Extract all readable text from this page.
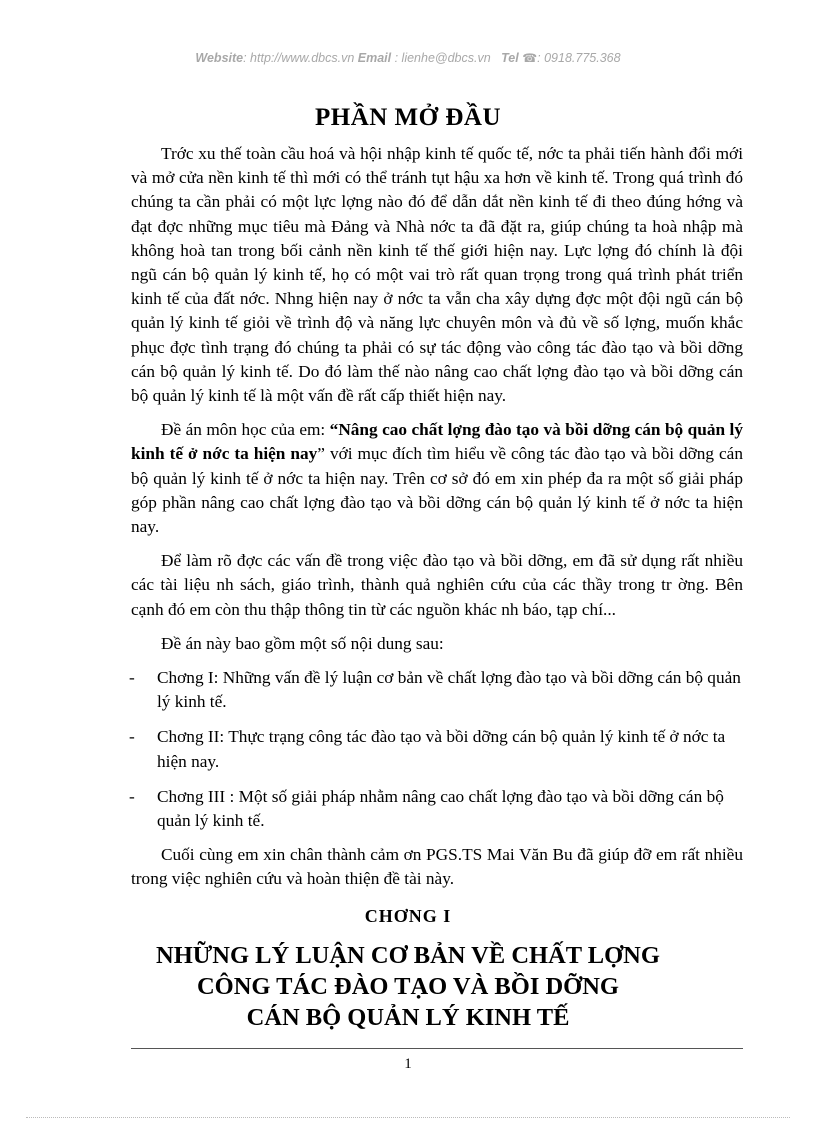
Website: http://www.dbcs.vn Email : lienhe@dbcs.vn Tel ☎: 0918.775.368
PHẦN MỞ ĐẦU

Trớc xu thế toàn cầu hoá và hội nhập kinh tế quốc tế, nớc ta phải tiến hành đổi mới và mở cửa nền kinh tế thì mới có thể tránh tụt hậu xa hơn về kinh tế. Trong quá trình đó chúng ta cần phải có một lực lợng nào đó để dẫn dắt nền kinh tế đi theo đúng hớng và đạt đợc những mục tiêu mà Đảng và Nhà nớc ta đã đặt ra, giúp chúng ta hoà nhập mà không hoà tan trong bối cảnh nền kinh tế thế giới hiện nay. Lực lợng đó chính là đội ngũ cán bộ quản lý kinh tế, họ có một vai trò rất quan trọng trong quá trình phát triển kinh tế của đất nớc. Nhng hiện nay ở nớc ta vẫn cha xây dựng đợc một đội ngũ cán bộ quản lý kinh tế giỏi về trình độ và năng lực chuyên môn và đủ về số lợng, muốn khắc phục đợc tình trạng đó chúng ta phải có sự tác động vào công tác đào tạo và bồi dỡng cán bộ quản lý kinh tế. Do đó làm thế nào nâng cao chất lợng đào tạo và bồi dỡng cán bộ quản lý kinh tế là một vấn đề rất cấp thiết hiện nay.

Đề án môn học của em: “Nâng cao chất lợng đào tạo và bồi dỡng cán bộ quản lý kinh tế ở nớc ta hiện nay” với mục đích tìm hiểu về công tác đào tạo và bồi dỡng cán bộ quản lý kinh tế ở nớc ta hiện nay. Trên cơ sở đó em xin phép đa ra một số giải pháp góp phần nâng cao chất lợng đào tạo và bồi dỡng cán bộ quản lý kinh tế ở nớc ta hiện nay.

Để làm rõ đợc các vấn đề trong việc đào tạo và bồi dỡng, em đã sử dụng rất nhiều các tài liệu nh sách, giáo trình, thành quả nghiên cứu của các thầy trong tr ờng. Bên cạnh đó em còn thu thập thông tin từ các nguồn khác nh báo, tạp chí...

Đề án này bao gồm một số nội dung sau:

- Chơng I: Những vấn đề lý luận cơ bản về chất lợng đào tạo và bồi dỡng cán bộ quản lý kinh tế.
- Chơng II: Thực trạng công tác đào tạo và bồi dỡng cán bộ quản lý kinh tế ở nớc ta hiện nay.
- Chơng III : Một số giải pháp nhằm nâng cao chất lợng đào tạo và bồi dỡng cán bộ quản lý kinh tế.

Cuối cùng em xin chân thành cảm ơn PGS.TS Mai Văn Bu đã giúp đỡ em rất nhiều trong việc nghiên cứu và hoàn thiện đề tài này.

CHƠNG I
NHỮNG LÝ LUẬN CƠ BẢN VỀ CHẤT LỢNG
CÔNG TÁC ĐÀO TẠO VÀ BỒI DỠNG
CÁN BỘ QUẢN LÝ KINH TẾ
1
